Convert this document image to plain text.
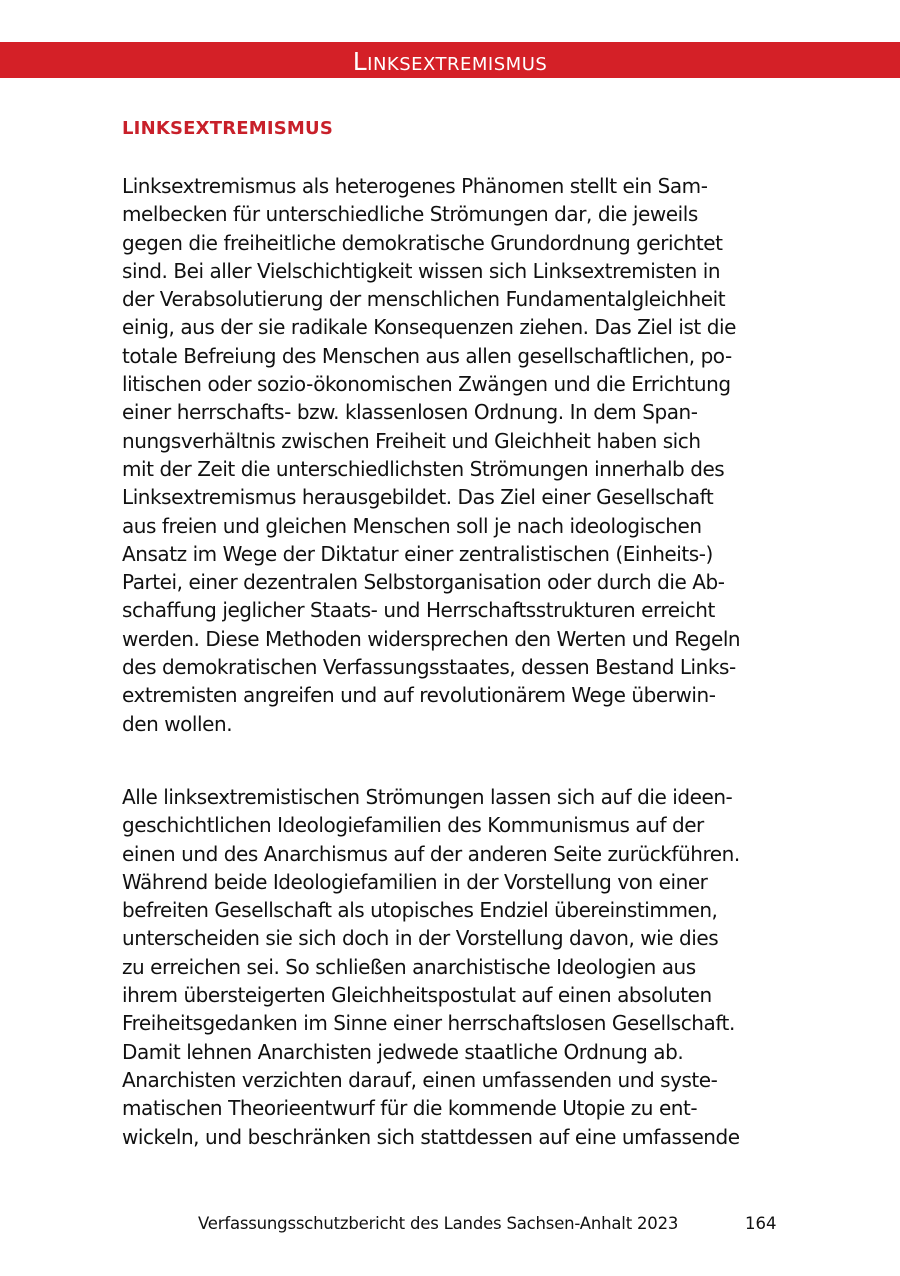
Linksextremismus
LINKSEXTREMISMUS

Linksextremismus als heterogenes Phänomen stellt ein Sam-
melbecken für unterschiedliche Strömungen dar, die jeweils
gegen die freiheitliche demokratische Grundordnung gerichtet
sind. Bei aller Vielschichtigkeit wissen sich Linksextremisten in
der Verabsolutierung der menschlichen Fundamentalgleichheit
einig, aus der sie radikale Konsequenzen ziehen. Das Ziel ist die
totale Befreiung des Menschen aus allen gesellschaftlichen, po-
litischen oder sozio-ökonomischen Zwängen und die Errichtung
einer herrschafts- bzw. klassenlosen Ordnung. In dem Span-
nungsverhältnis zwischen Freiheit und Gleichheit haben sich
mit der Zeit die unterschiedlichsten Strömungen innerhalb des
Linksextremismus herausgebildet. Das Ziel einer Gesellschaft
aus freien und gleichen Menschen soll je nach ideologischen
Ansatz im Wege der Diktatur einer zentralistischen (Einheits-)
Partei, einer dezentralen Selbstorganisation oder durch die Ab-
schaffung jeglicher Staats- und Herrschaftsstrukturen erreicht
werden. Diese Methoden widersprechen den Werten und Regeln
des demokratischen Verfassungsstaates, dessen Bestand Links-
extremisten angreifen und auf revolutionärem Wege überwin-
den wollen.

Alle linksextremistischen Strömungen lassen sich auf die ideen-
geschichtlichen Ideologiefamilien des Kommunismus auf der
einen und des Anarchismus auf der anderen Seite zurückführen.
Während beide Ideologiefamilien in der Vorstellung von einer
befreiten Gesellschaft als utopisches Endziel übereinstimmen,
unterscheiden sie sich doch in der Vorstellung davon, wie dies
zu erreichen sei. So schließen anarchistische Ideologien aus
ihrem übersteigerten Gleichheitspostulat auf einen absoluten
Freiheitsgedanken im Sinne einer herrschaftslosen Gesellschaft.
Damit lehnen Anarchisten jedwede staatliche Ordnung ab.
Anarchisten verzichten darauf, einen umfassenden und syste-
matischen Theorieentwurf für die kommende Utopie zu ent-
wickeln, und beschränken sich stattdessen auf eine umfassende

Verfassungsschutzbericht des Landes Sachsen-Anhalt 2023	164
